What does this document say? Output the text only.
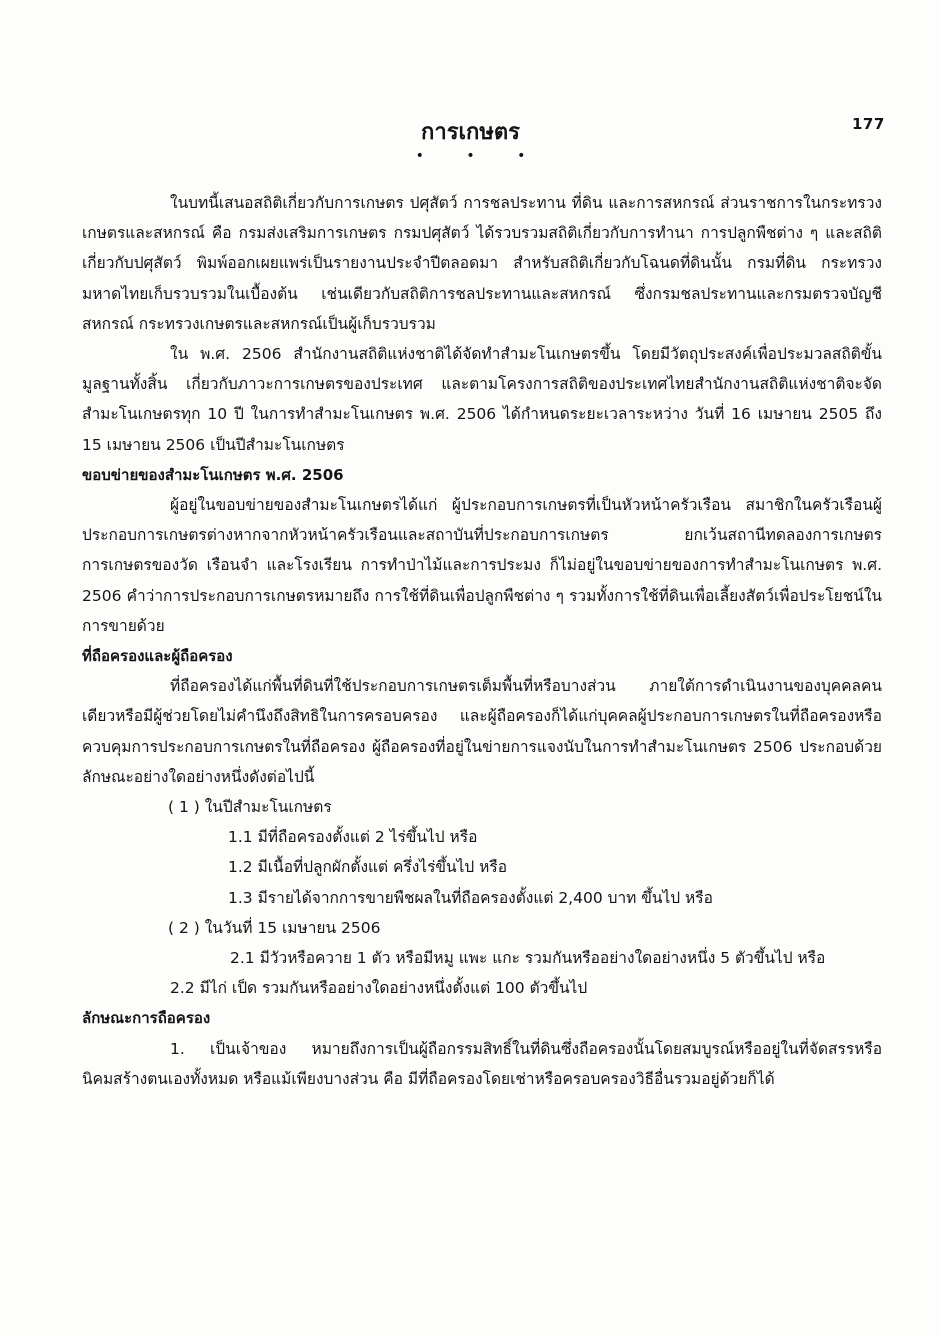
177
การเกษตร
• • •

ในบทนี้เสนอสถิติเกี่ยวกับการเกษตร ปศุสัตว์ การชลประทาน ที่ดิน และการสหกรณ์ ส่วนราชการในกระทรวงเกษตรและสหกรณ์ คือ กรมส่งเสริมการเกษตร กรมปศุสัตว์ ได้รวบรวมสถิติเกี่ยวกับการทำนา การปลูกพืชต่าง ๆ และสถิติเกี่ยวกับปศุสัตว์ พิมพ์ออกเผยแพร่เป็นรายงานประจำปีตลอดมา สำหรับสถิติเกี่ยวกับโฉนดที่ดินนั้น กรมที่ดิน กระทรวงมหาดไทยเก็บรวบรวมในเบื้องต้น เช่นเดียวกับสถิติการชลประทานและสหกรณ์ ซึ่งกรมชลประทานและกรมตรวจบัญชีสหกรณ์ กระทรวงเกษตรและสหกรณ์เป็นผู้เก็บรวบรวม

ใน พ.ศ. 2506 สำนักงานสถิติแห่งชาติได้จัดทำสำมะโนเกษตรขึ้น โดยมีวัตถุประสงค์เพื่อประมวลสถิติขั้นมูลฐานทั้งสิ้น เกี่ยวกับภาวะการเกษตรของประเทศ และตามโครงการสถิติของประเทศไทยสำนักงานสถิติแห่งชาติจะจัดสำมะโนเกษตรทุก 10 ปี ในการทำสำมะโนเกษตร พ.ศ. 2506 ได้กำหนดระยะเวลาระหว่าง วันที่ 16 เมษายน 2505 ถึง 15 เมษายน 2506 เป็นปีสำมะโนเกษตร

ขอบข่ายของสำมะโนเกษตร พ.ศ. 2506

ผู้อยู่ในขอบข่ายของสำมะโนเกษตรได้แก่ ผู้ประกอบการเกษตรที่เป็นหัวหน้าครัวเรือน สมาชิกในครัวเรือนผู้ประกอบการเกษตรต่างหากจากหัวหน้าครัวเรือนและสถาบันที่ประกอบการเกษตร ยกเว้นสถานีทดลองการเกษตร การเกษตรของวัด เรือนจำ และโรงเรียน การทำป่าไม้และการประมง ก็ไม่อยู่ในขอบข่ายของการทำสำมะโนเกษตร พ.ศ. 2506 คำว่าการประกอบการเกษตรหมายถึง การใช้ที่ดินเพื่อปลูกพืชต่าง ๆ รวมทั้งการใช้ที่ดินเพื่อเลี้ยงสัตว์เพื่อประโยชน์ในการขายด้วย

ที่ถือครองและผู้ถือครอง

ที่ถือครองได้แก่พื้นที่ดินที่ใช้ประกอบการเกษตรเต็มพื้นที่หรือบางส่วน ภายใต้การดำเนินงานของบุคคลคนเดียวหรือมีผู้ช่วยโดยไม่คำนึงถึงสิทธิในการครอบครอง และผู้ถือครองก็ได้แก่บุคคลผู้ประกอบการเกษตรในที่ถือครองหรือควบคุมการประกอบการเกษตรในที่ถือครอง ผู้ถือครองที่อยู่ในข่ายการแจงนับในการทำสำมะโนเกษตร 2506 ประกอบด้วยลักษณะอย่างใดอย่างหนึ่งดังต่อไปนี้

( 1 ) ในปีสำมะโนเกษตร

1.1 มีที่ถือครองตั้งแต่ 2 ไร่ขึ้นไป หรือ

1.2 มีเนื้อที่ปลูกผักตั้งแต่ ครึ่งไร่ขึ้นไป หรือ

1.3 มีรายได้จากการขายพืชผลในที่ถือครองตั้งแต่ 2,400 บาท ขึ้นไป หรือ

( 2 ) ในวันที่ 15 เมษายน 2506

2.1 มีวัวหรือควาย 1 ตัว หรือมีหมู แพะ แกะ รวมกันหรืออย่างใดอย่างหนึ่ง 5 ตัวขึ้นไป หรือ

2.2 มีไก่ เป็ด รวมกันหรืออย่างใดอย่างหนึ่งตั้งแต่ 100 ตัวขึ้นไป

ลักษณะการถือครอง

1. เป็นเจ้าของ หมายถึงการเป็นผู้ถือกรรมสิทธิ์ในที่ดินซึ่งถือครองนั้นโดยสมบูรณ์หรืออยู่ในที่จัดสรรหรือนิคมสร้างตนเองทั้งหมด หรือแม้เพียงบางส่วน คือ มีที่ถือครองโดยเช่าหรือครอบครองวิธีอื่นรวมอยู่ด้วยก็ได้
